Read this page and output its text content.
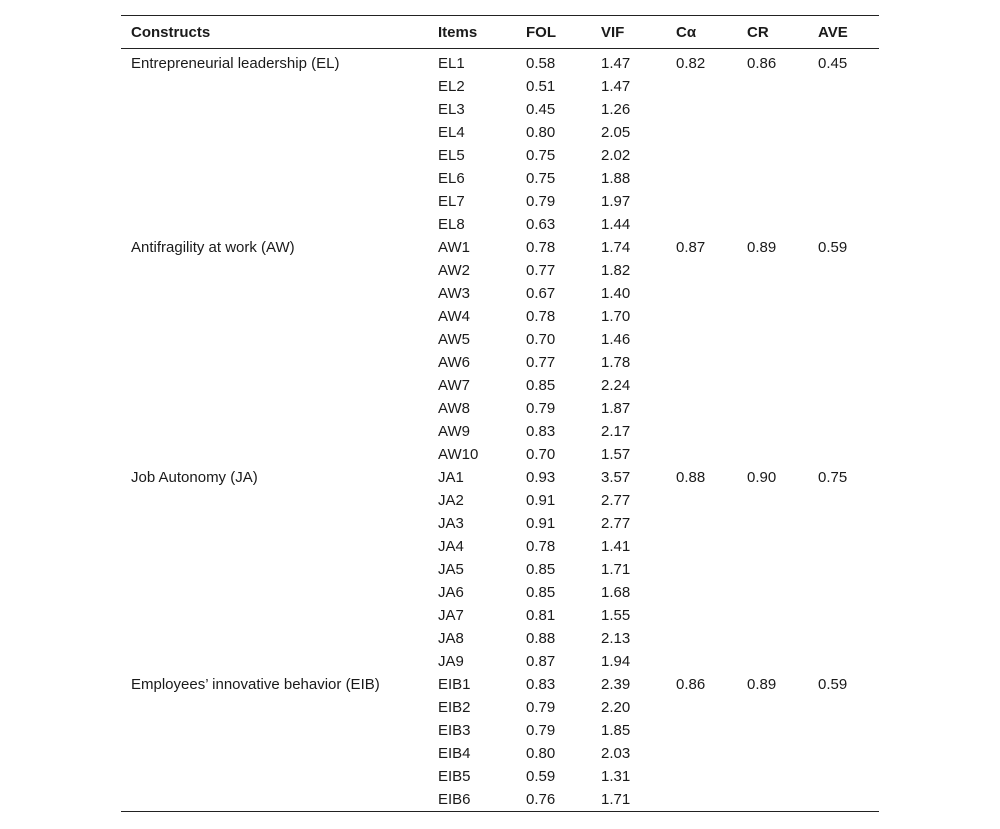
Constructs	Items	FOL	VIF	Cα	CR	AVE
Entrepreneurial leadership (EL)	EL1	0.58	1.47	0.82	0.86	0.45
	EL2	0.51	1.47			
	EL3	0.45	1.26			
	EL4	0.80	2.05			
	EL5	0.75	2.02			
	EL6	0.75	1.88			
	EL7	0.79	1.97			
	EL8	0.63	1.44			
Antifragility at work (AW)	AW1	0.78	1.74	0.87	0.89	0.59
	AW2	0.77	1.82			
	AW3	0.67	1.40			
	AW4	0.78	1.70			
	AW5	0.70	1.46			
	AW6	0.77	1.78			
	AW7	0.85	2.24			
	AW8	0.79	1.87			
	AW9	0.83	2.17			
	AW10	0.70	1.57			
Job Autonomy (JA)	JA1	0.93	3.57	0.88	0.90	0.75
	JA2	0.91	2.77			
	JA3	0.91	2.77			
	JA4	0.78	1.41			
	JA5	0.85	1.71			
	JA6	0.85	1.68			
	JA7	0.81	1.55			
	JA8	0.88	2.13			
	JA9	0.87	1.94			
Employees’ innovative behavior (EIB)	EIB1	0.83	2.39	0.86	0.89	0.59
	EIB2	0.79	2.20			
	EIB3	0.79	1.85			
	EIB4	0.80	2.03			
	EIB5	0.59	1.31			
	EIB6	0.76	1.71			
